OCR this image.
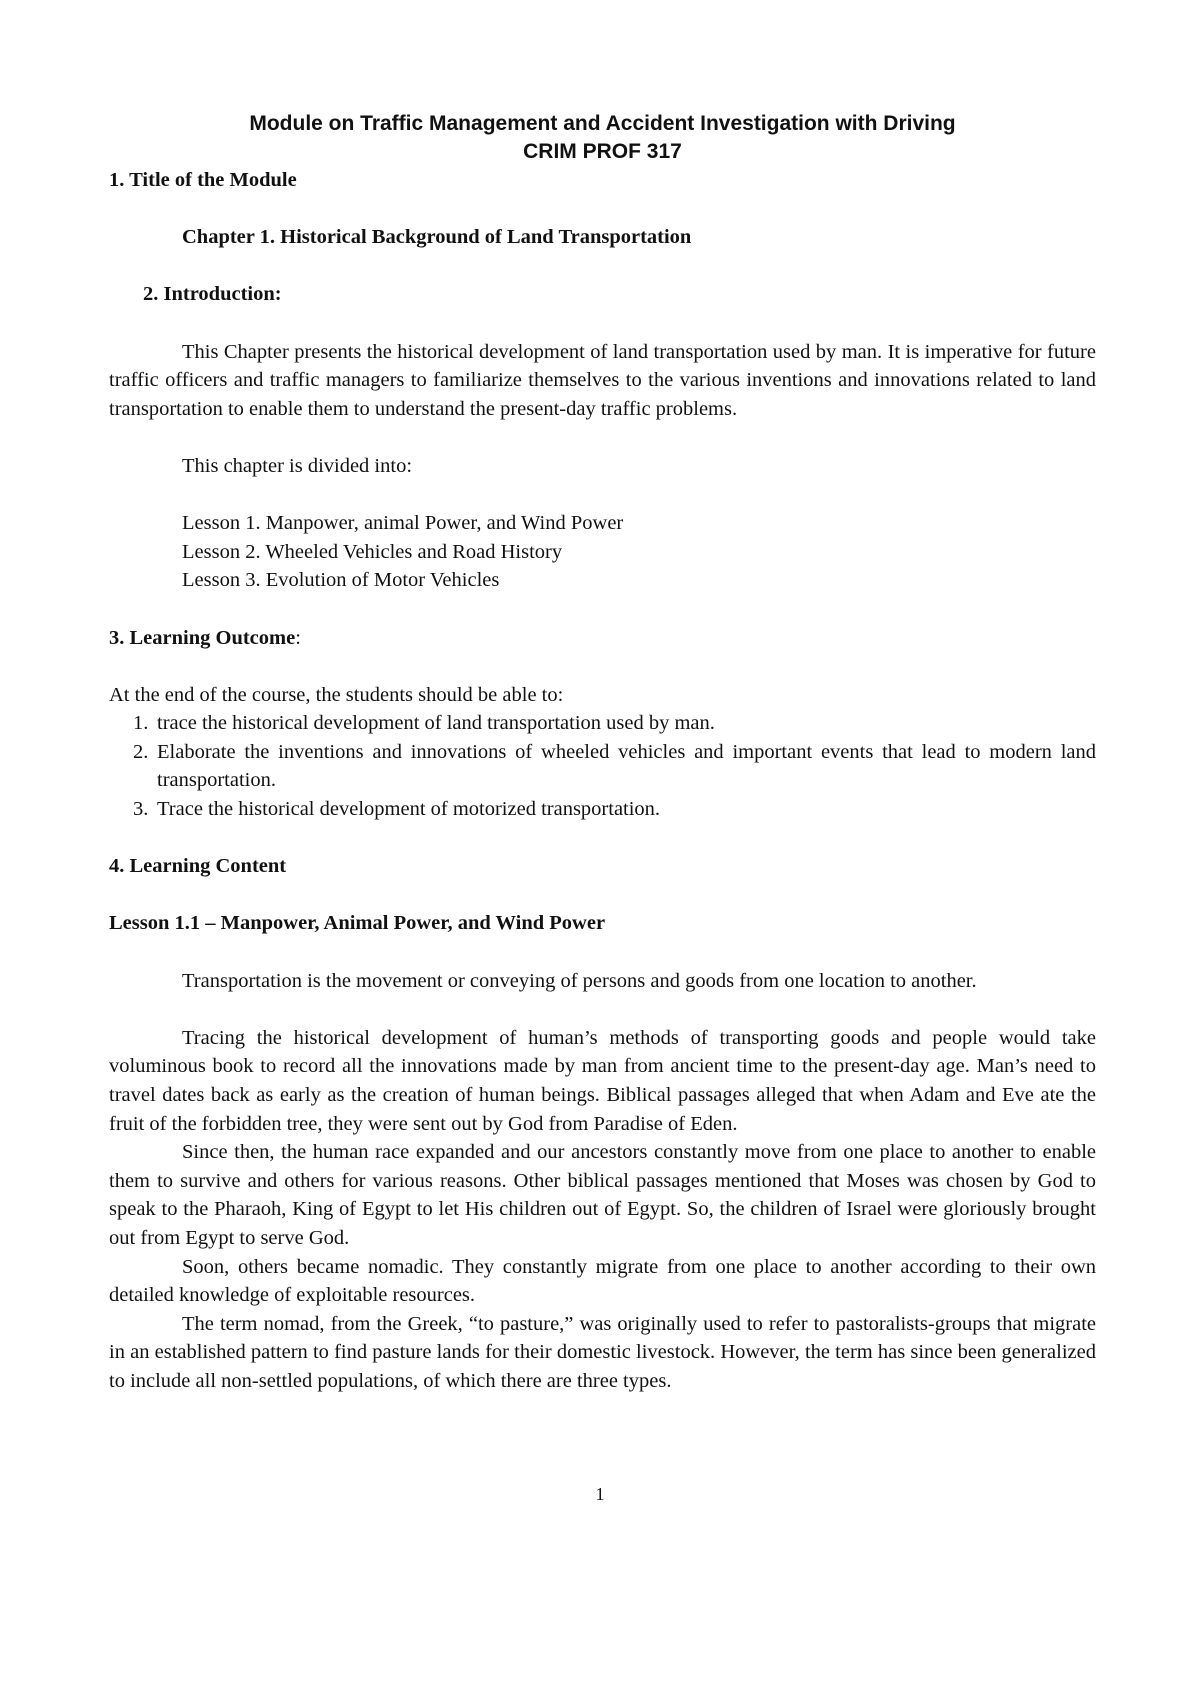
Module on Traffic Management and Accident Investigation with Driving
CRIM PROF 317

1. Title of the Module

Chapter 1. Historical Background of Land Transportation

2. Introduction:

This Chapter presents the historical development of land transportation used by man. It is imperative for future traffic officers and traffic managers to familiarize themselves to the various inventions and innovations related to land transportation to enable them to understand the present-day traffic problems.

This chapter is divided into:

Lesson 1. Manpower, animal Power, and Wind Power

Lesson 2. Wheeled Vehicles and Road History

Lesson 3. Evolution of Motor Vehicles

3. Learning Outcome:

At the end of the course, the students should be able to:

1. trace the historical development of land transportation used by man.
2. Elaborate the inventions and innovations of wheeled vehicles and important events that lead to modern land transportation.
3. Trace the historical development of motorized transportation.

4. Learning Content

Lesson 1.1 – Manpower, Animal Power, and Wind Power

Transportation is the movement or conveying of persons and goods from one location to another.

Tracing the historical development of human’s methods of transporting goods and people would take voluminous book to record all the innovations made by man from ancient time to the present-day age. Man’s need to travel dates back as early as the creation of human beings. Biblical passages alleged that when Adam and Eve ate the fruit of the forbidden tree, they were sent out by God from Paradise of Eden.

Since then, the human race expanded and our ancestors constantly move from one place to another to enable them to survive and others for various reasons. Other biblical passages mentioned that Moses was chosen by God to speak to the Pharaoh, King of Egypt to let His children out of Egypt. So, the children of Israel were gloriously brought out from Egypt to serve God.

Soon, others became nomadic. They constantly migrate from one place to another according to their own detailed knowledge of exploitable resources.

The term nomad, from the Greek, “to pasture,” was originally used to refer to pastoralists-groups that migrate in an established pattern to find pasture lands for their domestic livestock. However, the term has since been generalized to include all non-settled populations, of which there are three types.

1
